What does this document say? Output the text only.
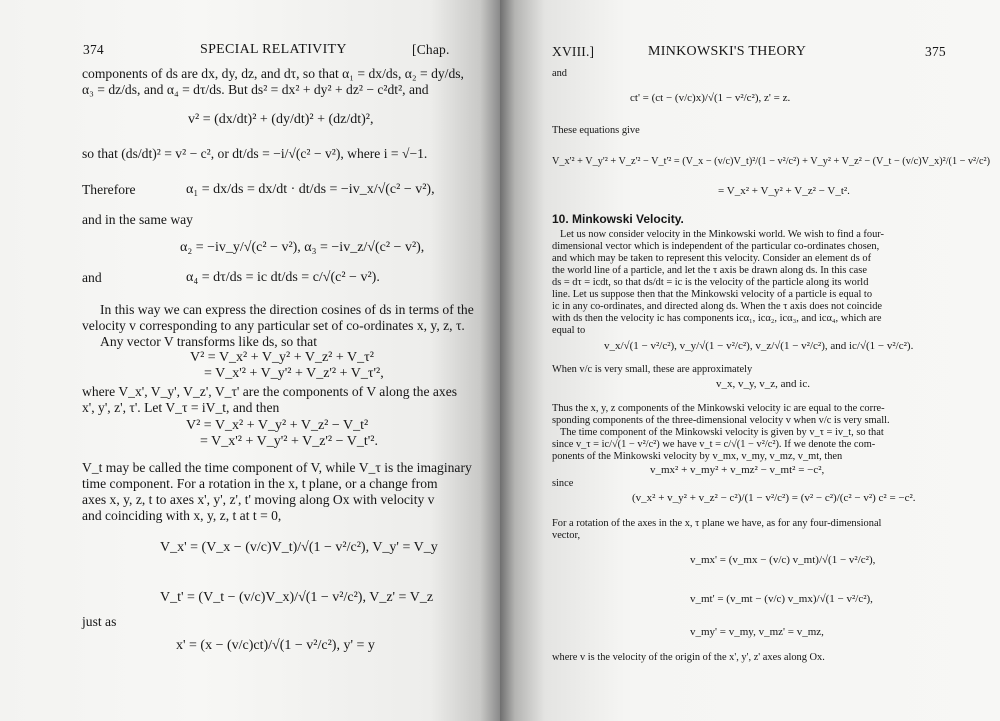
374	SPECIAL RELATIVITY	[Chap.
components of ds are dx, dy, dz, and dτ, so that α₁ = dx/ds, α₂ = dy/ds,
α₃ = dz/ds, and α₄ = dτ/ds. But ds² = dx² + dy² + dz² − c²dt², and
v² = (dx/dt)² + (dy/dt)² + (dz/dt)²,
so that (ds/dt)² = v² − c², or dt/ds = −i/√(c² − v²), where i = √−1.
Therefore	α₁ = dx/ds = dx/dt · dt/ds = −iv_x/√(c² − v²),
and in the same way
α₂ = −iv_y/√(c² − v²), α₃ = −iv_z/√(c² − v²),
and	α₄ = dτ/ds = ic dt/ds = c/√(c² − v²).
In this way we can express the direction cosines of ds in terms of the
velocity v corresponding to any particular set of co-ordinates x, y, z, τ.
Any vector V transforms like ds, so that
V² = V_x² + V_y² + V_z² + V_τ²
= V_x'² + V_y'² + V_z'² + V_τ'²,
where V_x', V_y', V_z', V_τ' are the components of V along the axes
x', y', z', τ'. Let V_τ = iV_t, and then
V² = V_x² + V_y² + V_z² − V_t²
= V_x'² + V_y'² + V_z'² − V_t'².
V_t may be called the time component of V, while V_τ is the imaginary
time component. For a rotation in the x, t plane, or a change from
axes x, y, z, t to axes x', y', z', t' moving along Ox with velocity v
and coinciding with x, y, z, t at t = 0,
V_x' = (V_x − (v/c)V_t)/√(1 − v²/c²), V_y' = V_y
V_t' = (V_t − (v/c)V_x)/√(1 − v²/c²), V_z' = V_z
just as
x' = (x − (v/c)ct)/√(1 − v²/c²), y' = y
XVIII.]	MINKOWSKI'S THEORY	375
and
ct' = (ct − (v/c)x)/√(1 − v²/c²), z' = z.
These equations give
V_x'² + V_y'² + V_z'² − V_t'² = (V_x − (v/c)V_t)²/(1 − v²/c²) + V_y² + V_z² − (V_t − (v/c)V_x)²/(1 − v²/c²)
= V_x² + V_y² + V_z² − V_t².
10. Minkowski Velocity.
Let us now consider velocity in the Minkowski world. We wish to find a four-
dimensional vector which is independent of the particular co-ordinates chosen,
and which may be taken to represent this velocity. Consider an element ds of
the world line of a particle, and let the τ axis be drawn along ds. In this case
ds = dτ = icdt, so that ds/dt = ic is the velocity of the particle along its world
line. Let us suppose then that the Minkowski velocity of a particle is equal to
ic in any co-ordinates, and directed along ds. When the τ axis does not coincide
with ds then the velocity ic has components icα₁, icα₂, icα₃, and icα₄, which are
equal to
v_x/√(1 − v²/c²), v_y/√(1 − v²/c²), v_z/√(1 − v²/c²), and ic/√(1 − v²/c²).
When v/c is very small, these are approximately
v_x, v_y, v_z, and ic.
Thus the x, y, z components of the Minkowski velocity ic are equal to the corre-
sponding components of the three-dimensional velocity v when v/c is very small.
The time component of the Minkowski velocity is given by v_τ = iv_t, so that
since v_τ = ic/√(1 − v²/c²) we have v_t = c/√(1 − v²/c²). If we denote the com-
ponents of the Minkowski velocity by v_mx, v_my, v_mz, v_mt, then
v_mx² + v_my² + v_mz² − v_mt² = −c²,
since
(v_x² + v_y² + v_z² − c²)/(1 − v²/c²) = (v² − c²)/(c² − v²) c² = −c².
For a rotation of the axes in the x, τ plane we have, as for any four-dimensional
vector,
v_mx' = (v_mx − (v/c) v_mt)/√(1 − v²/c²),
v_mt' = (v_mt − (v/c) v_mx)/√(1 − v²/c²),
v_my' = v_my, v_mz' = v_mz,
where v is the velocity of the origin of the x', y', z' axes along Ox.
